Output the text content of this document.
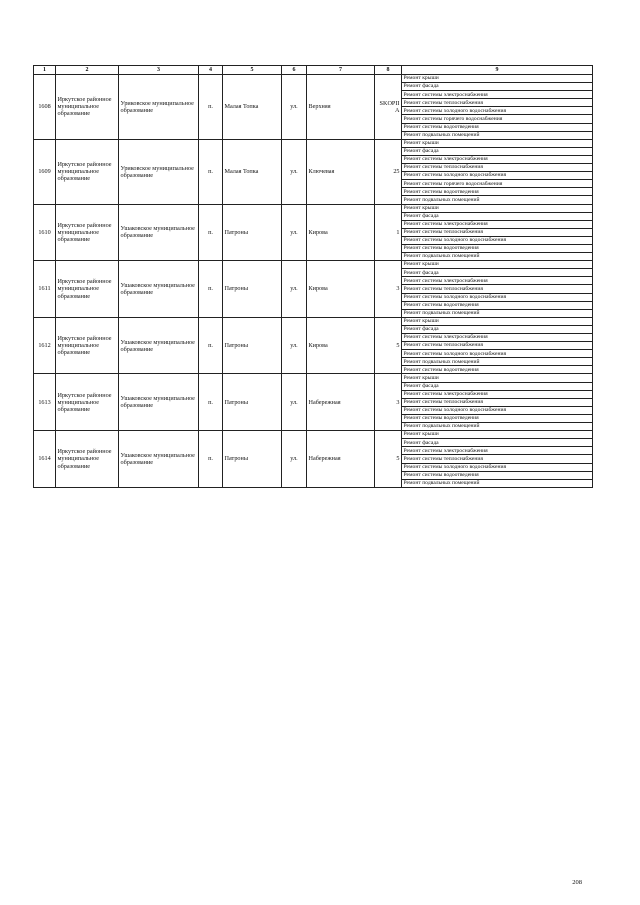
1	2	3	4	5	6	7	8	9
1608	Иркутское районное муниципальное образование	Уриковское муниципальное образование	п.	Малая Топка	ул.	Верхняя	SKOPII A	Ремонт крыши
								Ремонт фасада
								Ремонт системы электроснабжения
								Ремонт системы теплоснабжения
								Ремонт системы холодного водоснабжения
								Ремонт системы горячего водоснабжения
								Ремонт системы водоотведения
								Ремонт подвальных помещений
1609	Иркутское районное муниципальное образование	Уриковское муниципальное образование	п.	Малая Топка	ул.	Ключевая	25	Ремонт крыши
								Ремонт фасада
								Ремонт системы электроснабжения
								Ремонт системы теплоснабжения
								Ремонт системы холодного водоснабжения
								Ремонт системы горячего водоснабжения
								Ремонт системы водоотведения
								Ремонт подвальных помещений
1610	Иркутское районное муниципальное образование	Ушаковское муниципальное образование	п.	Патроны	ул.	Кирова	1	Ремонт крыши
								Ремонт фасада
								Ремонт системы электроснабжения
								Ремонт системы теплоснабжения
								Ремонт системы холодного водоснабжения
								Ремонт системы водоотведения
								Ремонт подвальных помещений
1611	Иркутское районное муниципальное образование	Ушаковское муниципальное образование	п.	Патроны	ул.	Кирова	3	Ремонт крыши
								Ремонт фасада
								Ремонт системы электроснабжения
								Ремонт системы теплоснабжения
								Ремонт системы холодного водоснабжения
								Ремонт системы водоотведения
								Ремонт подвальных помещений
1612	Иркутское районное муниципальное образование	Ушаковское муниципальное образование	п.	Патроны	ул.	Кирова	5	Ремонт крыши
								Ремонт фасада
								Ремонт системы электроснабжения
								Ремонт системы теплоснабжения
								Ремонт системы холодного водоснабжения
								Ремонт подвальных помещений
								Ремонт системы водоотведения
1613	Иркутское районное муниципальное образование	Ушаковское муниципальное образование	п.	Патроны	ул.	Набережная	3	Ремонт крыши
								Ремонт фасада
								Ремонт системы электроснабжения
								Ремонт системы теплоснабжения
								Ремонт системы холодного водоснабжения
								Ремонт системы водоотведения
								Ремонт подвальных помещений
1614	Иркутское районное муниципальное образование	Ушаковское муниципальное образование	п.	Патроны	ул.	Набережная	5	Ремонт крыши
								Ремонт фасада
								Ремонт системы электроснабжения
								Ремонт системы теплоснабжения
								Ремонт системы холодного водоснабжения
								Ремонт системы водоотведения
								Ремонт подвальных помещений
208
